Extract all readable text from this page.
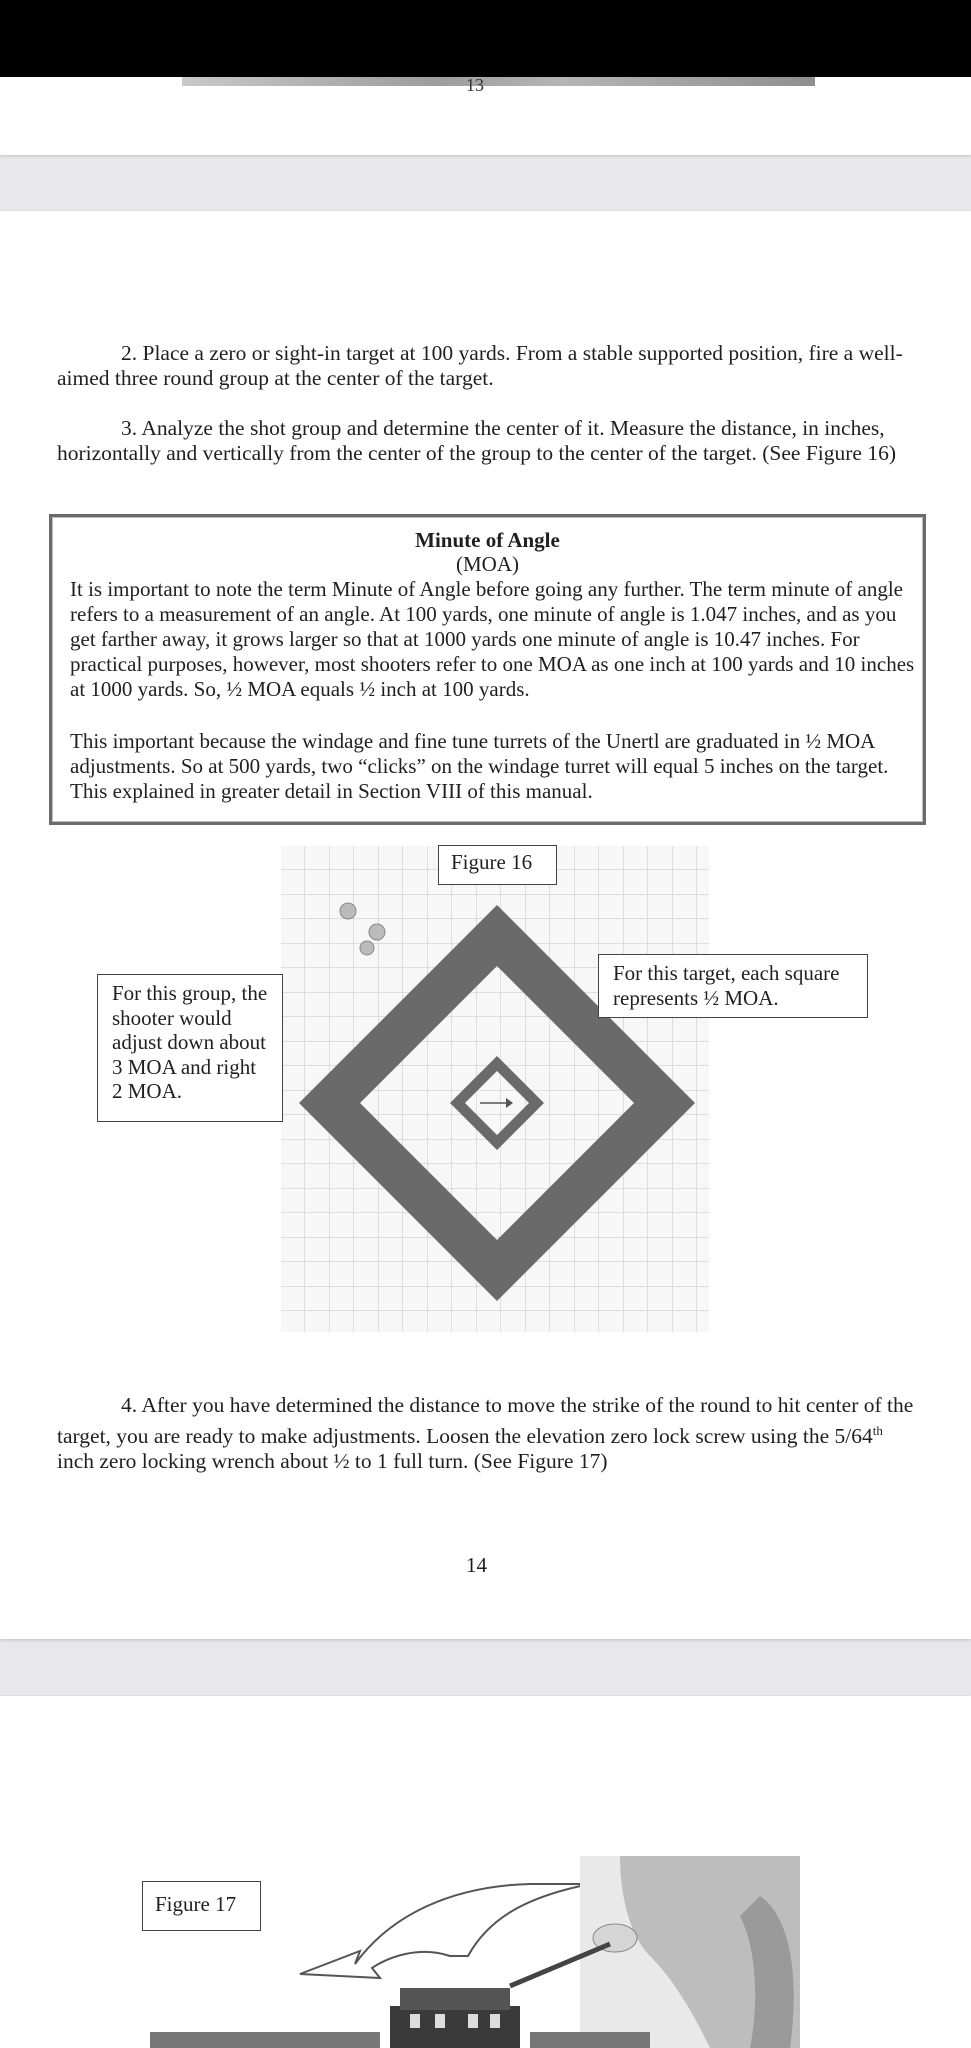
13

2. Place a zero or sight-in target at 100 yards. From a stable supported position, fire a well-aimed three round group at the center of the target.

3. Analyze the shot group and determine the center of it. Measure the distance, in inches, horizontally and vertically from the center of the group to the center of the target. (See Figure 16)

Minute of Angle
(MOA)

It is important to note the term Minute of Angle before going any further. The term minute of angle refers to a measurement of an angle. At 100 yards, one minute of angle is 1.047 inches, and as you get farther away, it grows larger so that at 1000 yards one minute of angle is 10.47 inches. For practical purposes, however, most shooters refer to one MOA as one inch at 100 yards and 10 inches at 1000 yards. So, ½ MOA equals ½ inch at 100 yards.

This important because the windage and fine tune turrets of the Unertl are graduated in ½ MOA adjustments. So at 500 yards, two “clicks” on the windage turret will equal 5 inches on the target. This explained in greater detail in Section VIII of this manual.

Figure 16
For this group, the shooter would adjust down about 3 MOA and right 2 MOA.
For this target, each square represents ½ MOA.

4. After you have determined the distance to move the strike of the round to hit center of the target, you are ready to make adjustments. Loosen the elevation zero lock screw using the 5/64th inch zero locking wrench about ½ to 1 full turn. (See Figure 17)

14
Figure 17
